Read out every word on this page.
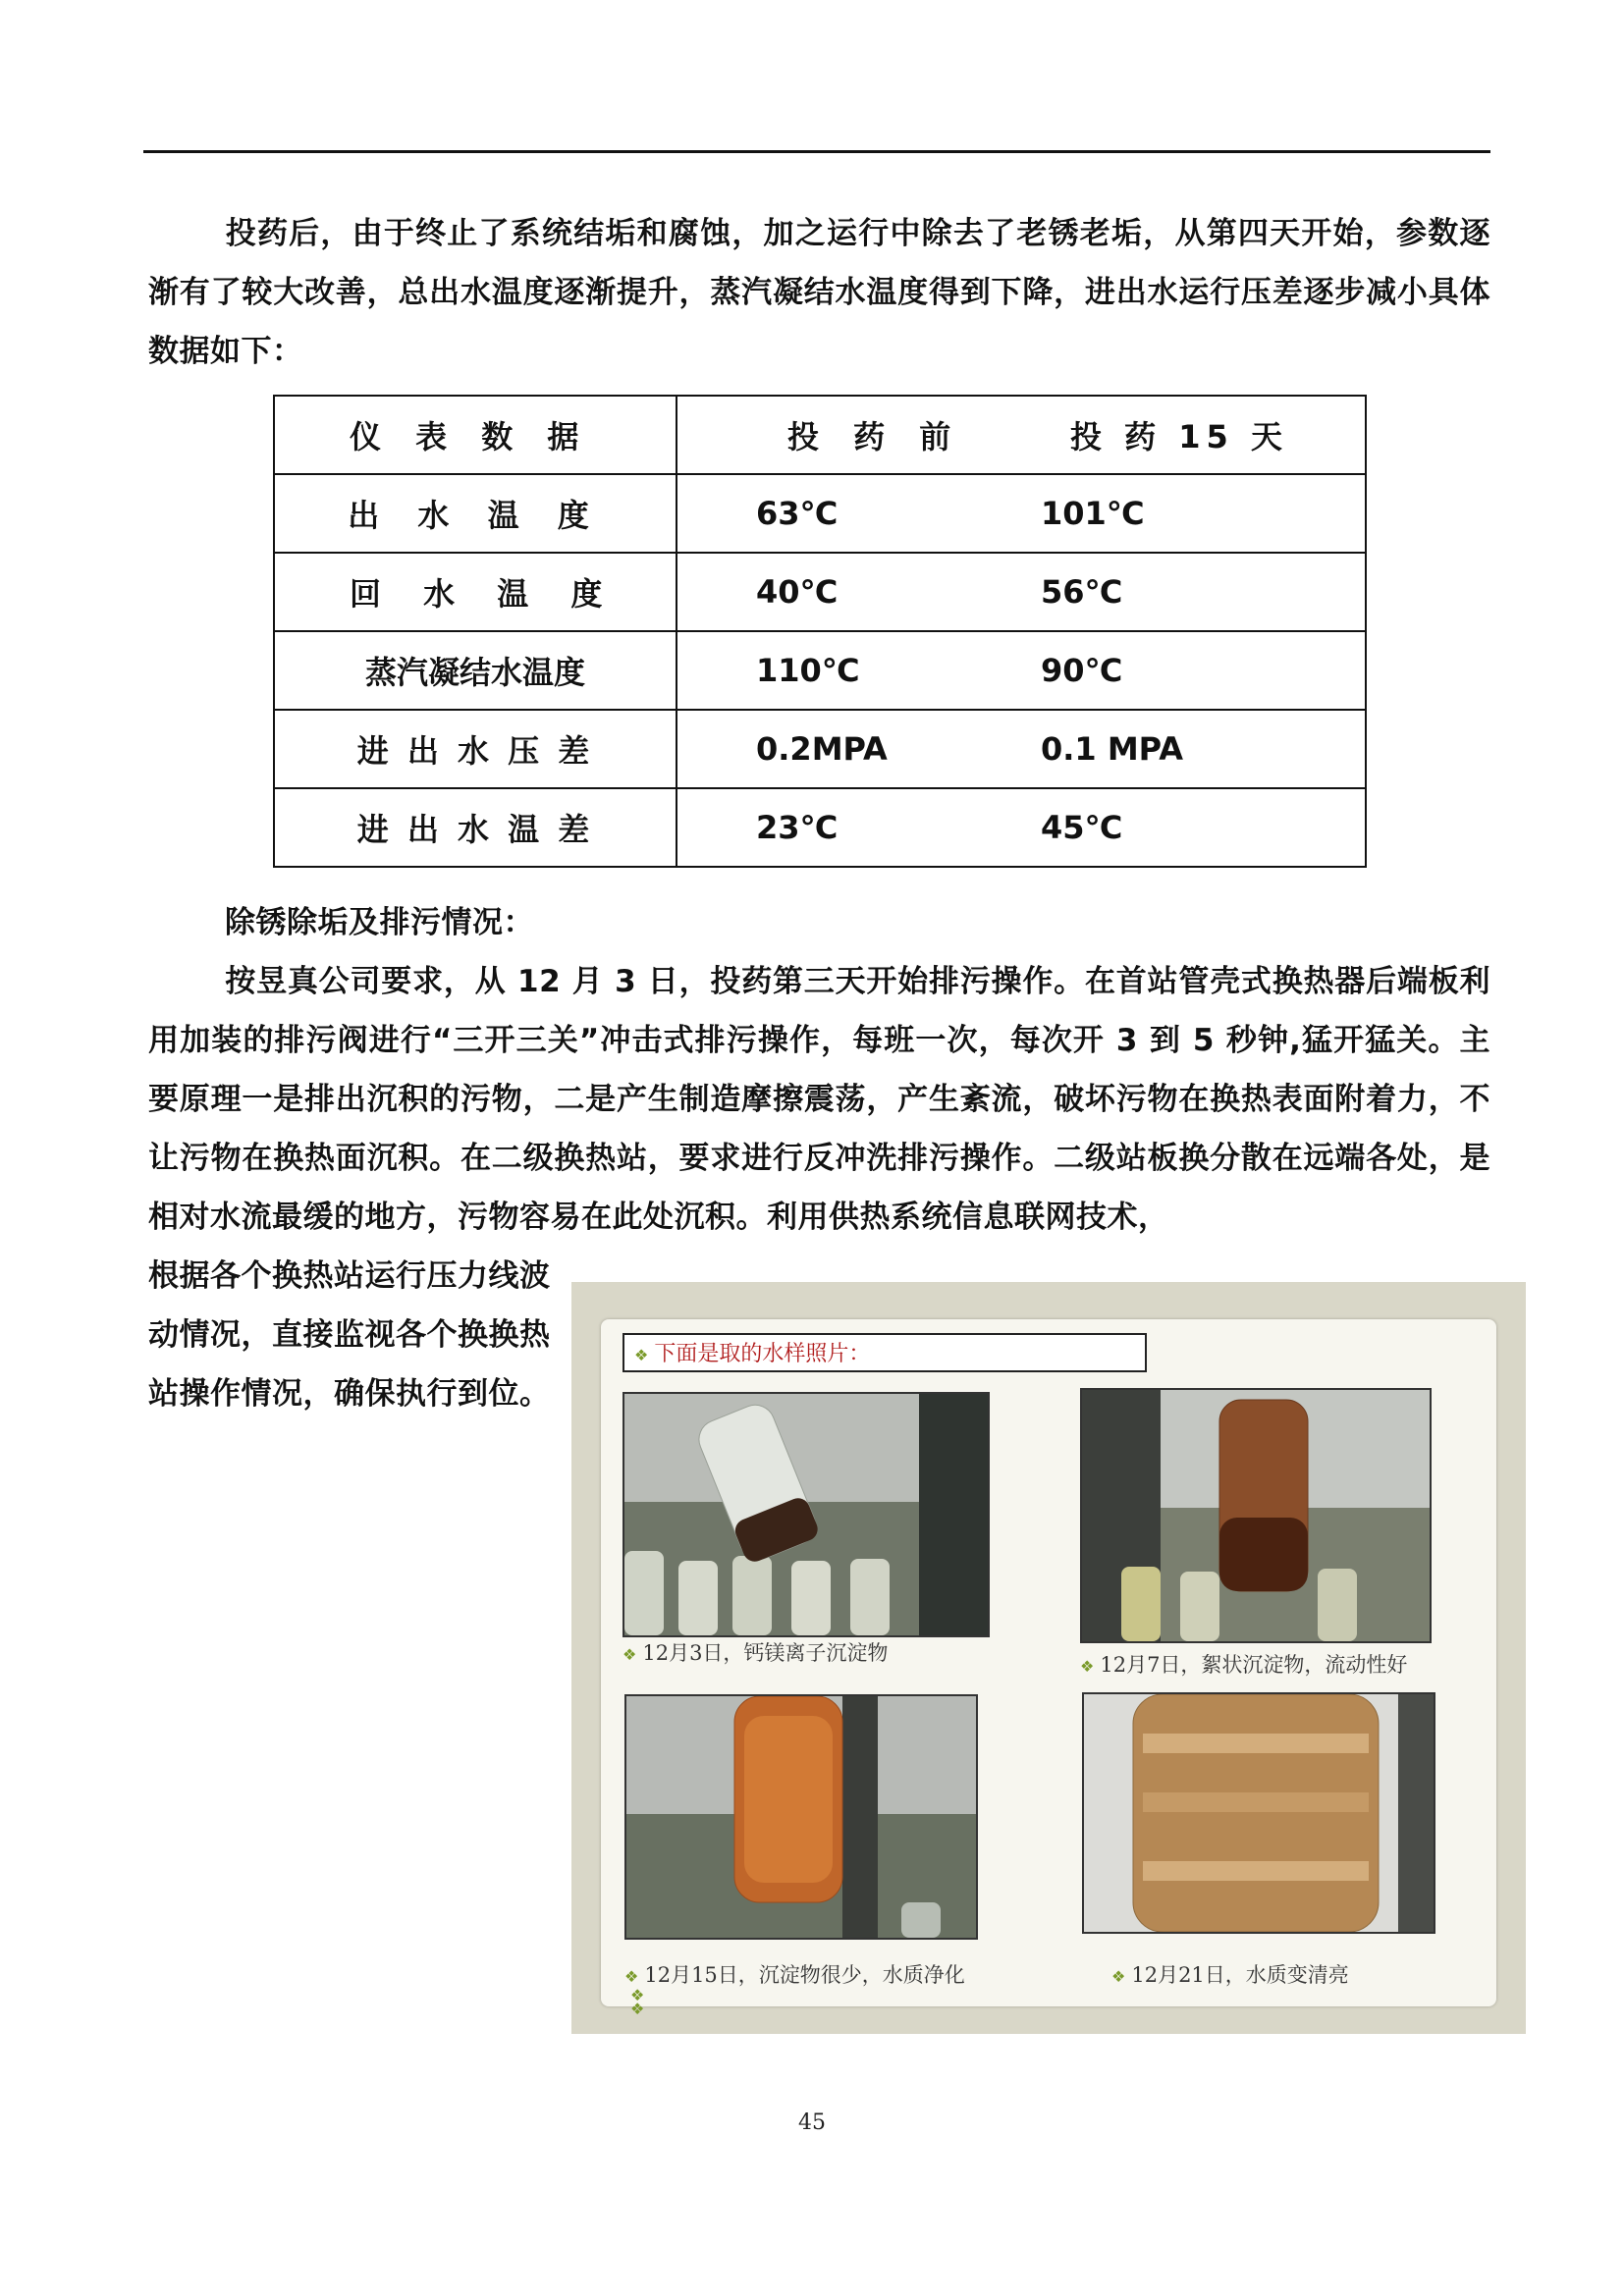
投药后，由于终止了系统结垢和腐蚀，加之运行中除去了老锈老垢，从第四天开始，参数逐渐有了较大改善，总出水温度逐渐提升，蒸汽凝结水温度得到下降，进出水运行压差逐步减小具体数据如下：
仪 表 数 据	投 药 前 投 药 15 天

出 水 温 度	63℃ 101℃

回 水 温 度	40℃ 56℃

蒸汽凝结水温度	110℃ 90℃

进 出 水 压 差	0.2MPA 0.1 MPA

进 出 水 温 差	23℃ 45℃
除锈除垢及排污情况：
按昱真公司要求，从 12 月 3 日，投药第三天开始排污操作。在首站管壳式换热器后端板利用加装的排污阀进行“三开三关”冲击式排污操作，每班一次，每次开 3 到 5 秒钟,猛开猛关。主要原理一是排出沉积的污物，二是产生制造摩擦震荡，产生紊流，破坏污物在换热表面附着力，不让污物在换热面沉积。在二级换热站，要求进行反冲洗排污操作。二级站板换分散在远端各处，是相对水流最缓的地方，污物容易在此处沉积。利用供热系统信息联网技术，
根据各个换热站运行压力线波动情况，直接监视各个换换热站操作情况，确保执行到位。
❖ 下面是取的水样照片：
❖ 12月3日，钙镁离子沉淀物
❖ 12月7日，絮状沉淀物，流动性好
❖ 12月15日，沉淀物很少，水质净化	❖ 12月21日，水质变清亮
❖
❖
45
